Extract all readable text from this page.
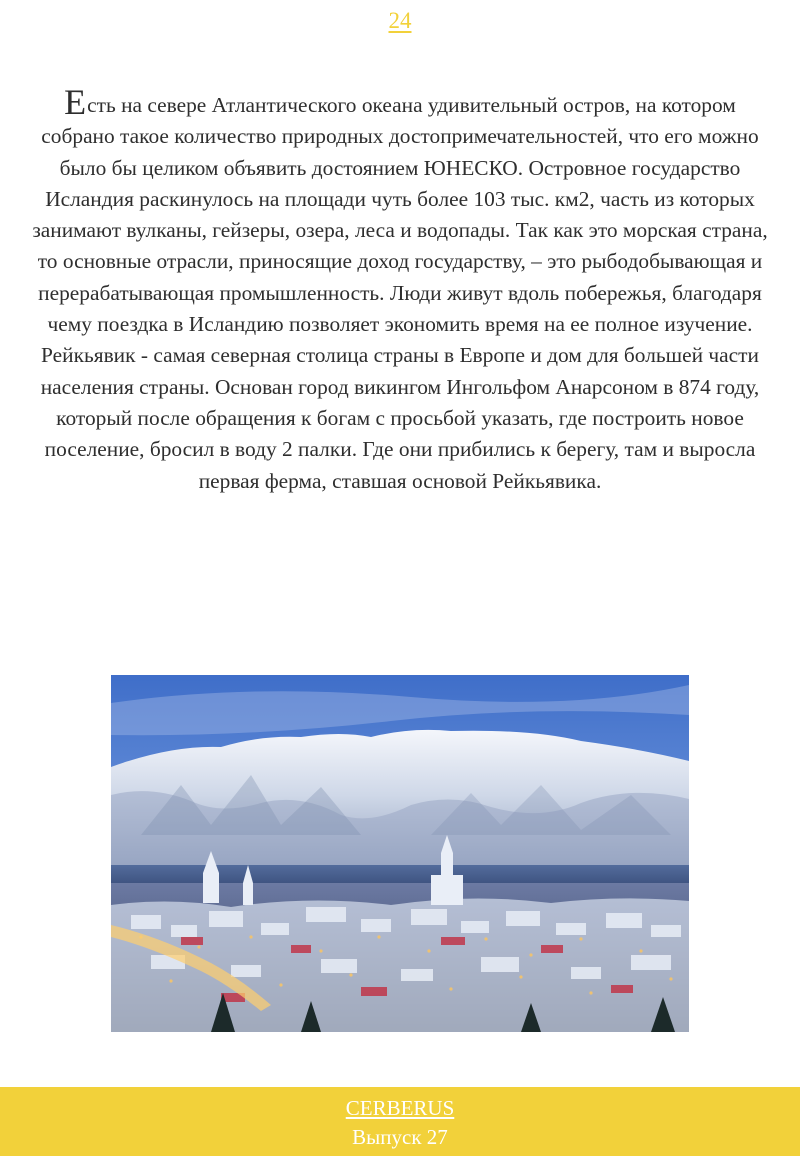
24

Есть на севере Атлантического океана удивительный остров, на котором собрано такое количество природных достопримечательностей, что его можно было бы целиком объявить достоянием ЮНЕСКО. Островное государство Исландия раскинулось на площади чуть более 103 тыс. км2, часть из которых занимают вулканы, гейзеры, озера, леса и водопады. Так как это морская страна, то основные отрасли, приносящие доход государству, – это рыбодобывающая и перерабатывающая промышленность. Люди живут вдоль побережья, благодаря чему поездка в Исландию позволяет экономить время на ее полное изучение. Рейкьявик - самая северная столица страны в Европе и дом для большей части населения страны. Основан город викингом Ингольфом Анарсоном в 874 году, который после обращения к богам с просьбой указать, где построить новое поселение, бросил в воду 2 палки. Где они прибились к берегу, там и выросла первая ферма, ставшая основой Рейкьявика.

CERBERUS
Выпуск 27
